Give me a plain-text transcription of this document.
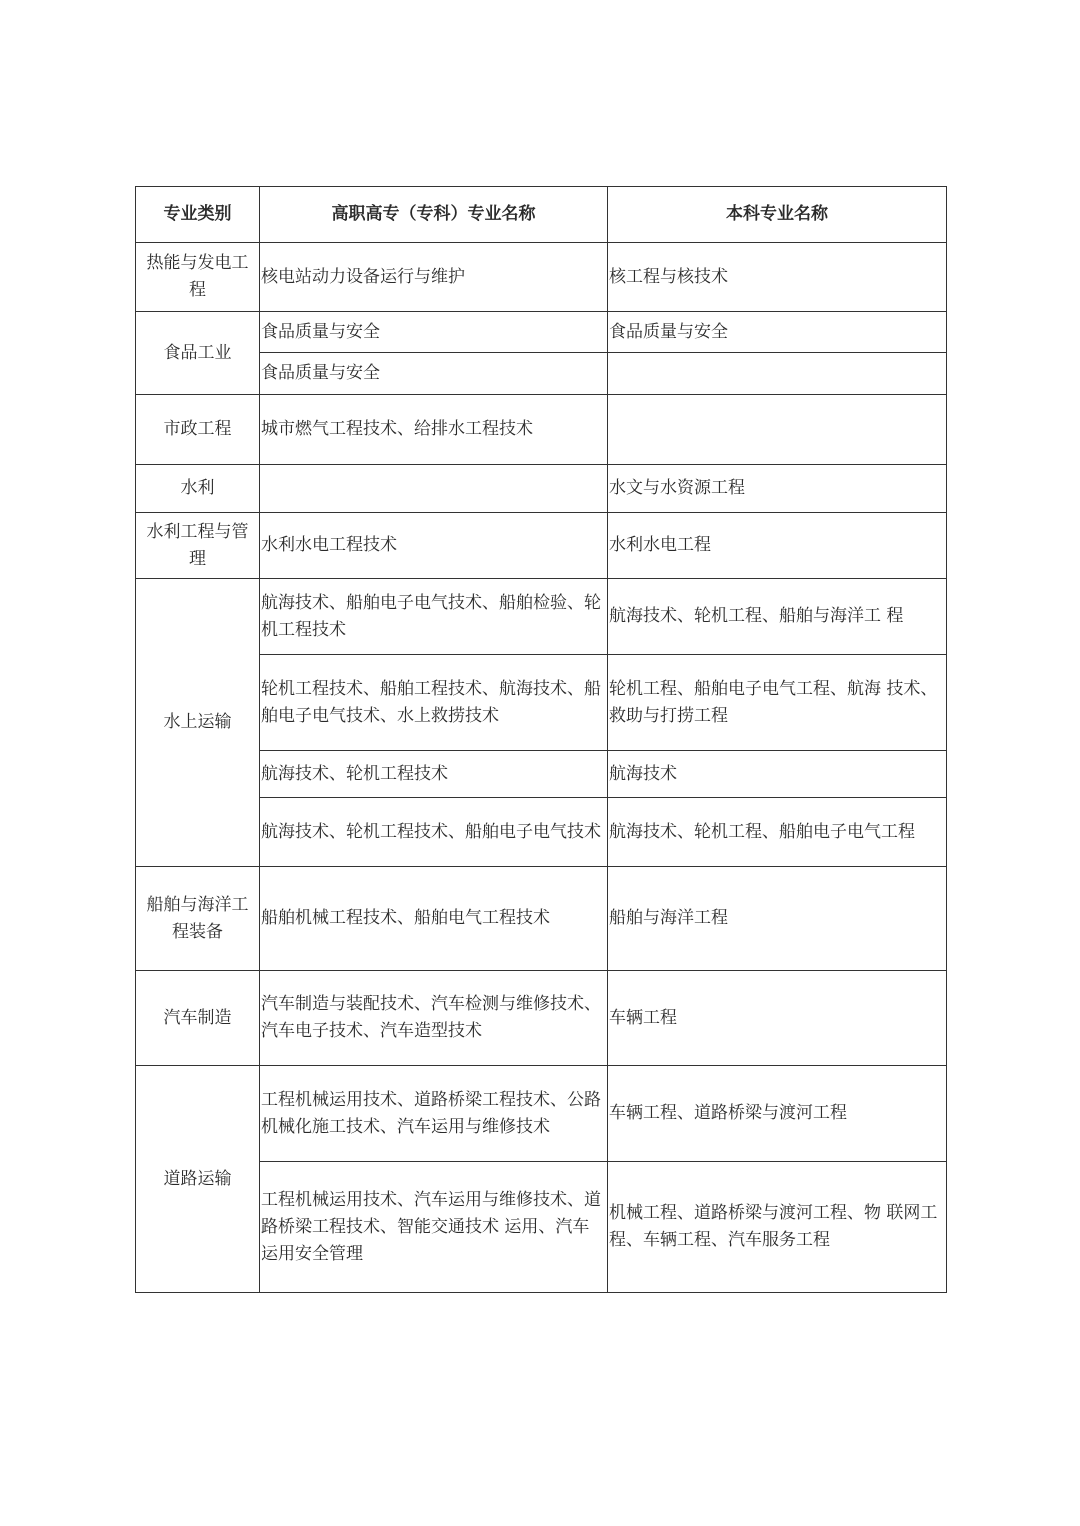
专业类别	高职高专（专科）专业名称	本科专业名称
热能与发电工程	核电站动力设备运行与维护	核工程与核技术
食品工业	食品质量与安全	食品质量与安全
	食品质量与安全	
市政工程	城市燃气工程技术、给排水工程技术	
水利		水文与水资源工程
水利工程与管理	水利水电工程技术	水利水电工程
水上运输	航海技术、船舶电子电气技术、船舶检验、轮机工程技术	航海技术、轮机工程、船舶与海洋工 程
	轮机工程技术、船舶工程技术、航海技术、船舶电子电气技术、水上救捞技术	轮机工程、船舶电子电气工程、航海 技术、救助与打捞工程
	航海技术、轮机工程技术	航海技术
	航海技术、轮机工程技术、船舶电子电气技术	航海技术、轮机工程、船舶电子电气工程
船舶与海洋工程装备	船舶机械工程技术、船舶电气工程技术	船舶与海洋工程
汽车制造	汽车制造与装配技术、汽车检测与维修技术、汽车电子技术、汽车造型技术	车辆工程
道路运输	工程机械运用技术、道路桥梁工程技术、公路机械化施工技术、汽车运用与维修技术	车辆工程、道路桥梁与渡河工程
	工程机械运用技术、汽车运用与维修技术、道路桥梁工程技术、智能交通技术 运用、汽车运用安全管理	机械工程、道路桥梁与渡河工程、物 联网工程、车辆工程、汽车服务工程
